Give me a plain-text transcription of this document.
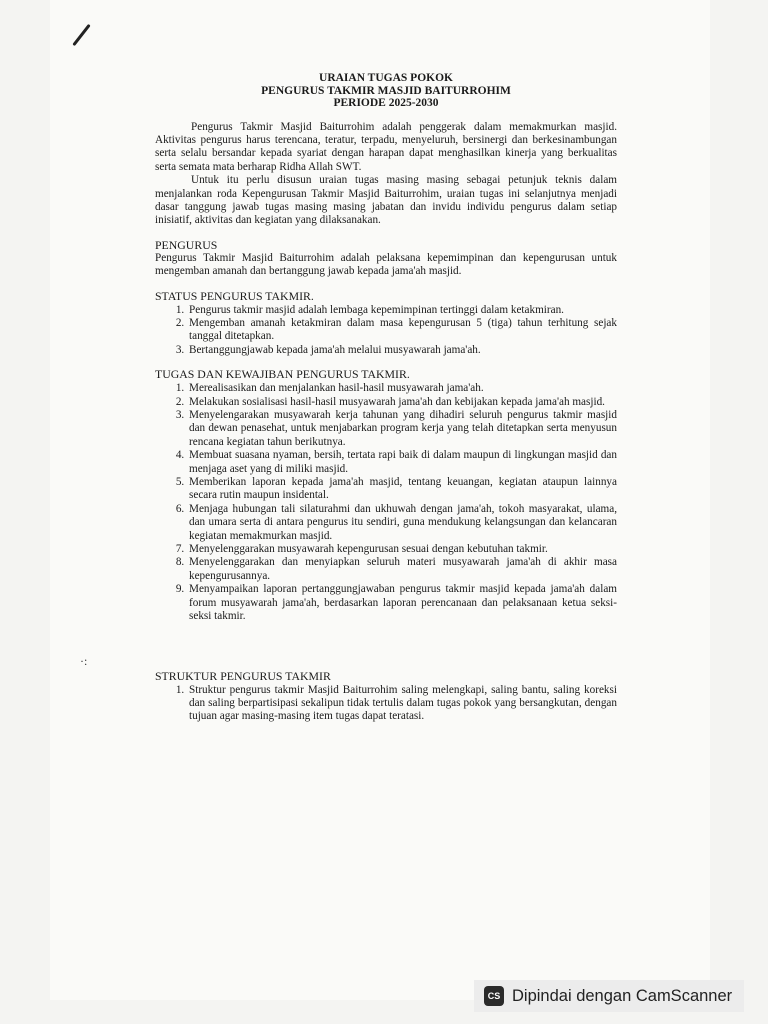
·:
URAIAN TUGAS POKOK
PENGURUS TAKMIR MASJID BAITURROHIM
PERIODE 2025-2030

Pengurus Takmir Masjid Baiturrohim adalah penggerak dalam memakmurkan masjid. Aktivitas pengurus harus terencana, teratur, terpadu, menyeluruh, bersinergi dan berkesinambungan serta selalu bersandar kepada syariat dengan harapan dapat menghasilkan kinerja yang berkualitas serta semata mata berharap Ridha Allah SWT.

Untuk itu perlu disusun uraian tugas masing masing sebagai petunjuk teknis dalam menjalankan roda Kepengurusan Takmir Masjid Baiturrohim, uraian tugas ini selanjutnya menjadi dasar tanggung jawab tugas masing masing jabatan dan invidu individu pengurus dalam setiap inisiatif, aktivitas dan kegiatan yang dilaksanakan.

PENGURUS

Pengurus Takmir Masjid Baiturrohim adalah pelaksana kepemimpinan dan kepengurusan untuk mengemban amanah dan bertanggung jawab kepada jama'ah masjid.

STATUS PENGURUS TAKMIR.
1. Pengurus takmir masjid adalah lembaga kepemimpinan tertinggi dalam ketakmiran.
2. Mengemban amanah ketakmiran dalam masa kepengurusan 5 (tiga) tahun terhitung sejak tanggal ditetapkan.
3. Bertanggungjawab kepada jama'ah melalui musyawarah jama'ah.
TUGAS DAN KEWAJIBAN PENGURUS TAKMIR.
1. Merealisasikan dan menjalankan hasil-hasil musyawarah jama'ah.
2. Melakukan sosialisasi hasil-hasil musyawarah jama'ah dan kebijakan kepada jama'ah masjid.
3. Menyelengarakan musyawarah kerja tahunan yang dihadiri seluruh pengurus takmir masjid dan dewan penasehat, untuk menjabarkan program kerja yang telah ditetapkan serta menyusun rencana kegiatan tahun berikutnya.
4. Membuat suasana nyaman, bersih, tertata rapi baik di dalam maupun di lingkungan masjid dan menjaga aset yang di miliki masjid.
5. Memberikan laporan kepada jama'ah masjid, tentang keuangan, kegiatan ataupun lainnya secara rutin maupun insidental.
6. Menjaga hubungan tali silaturahmi dan ukhuwah dengan jama'ah, tokoh masyarakat, ulama, dan umara serta di antara pengurus itu sendiri, guna mendukung kelangsungan dan kelancaran kegiatan memakmurkan masjid.
7. Menyelenggarakan musyawarah kepengurusan sesuai dengan kebutuhan takmir.
8. Menyelenggarakan dan menyiapkan seluruh materi musyawarah jama'ah di akhir masa kepengurusannya.
9. Menyampaikan laporan pertanggungjawaban pengurus takmir masjid kepada jama'ah dalam forum musyawarah jama'ah, berdasarkan laporan perencanaan dan pelaksanaan ketua seksi-seksi takmir.
STRUKTUR PENGURUS TAKMIR
1. Struktur pengurus takmir Masjid Baiturrohim saling melengkapi, saling bantu, saling koreksi dan saling berpartisipasi sekalipun tidak tertulis dalam tugas pokok yang bersangkutan, dengan tujuan agar masing-masing item tugas dapat teratasi.
CS Dipindai dengan CamScanner
